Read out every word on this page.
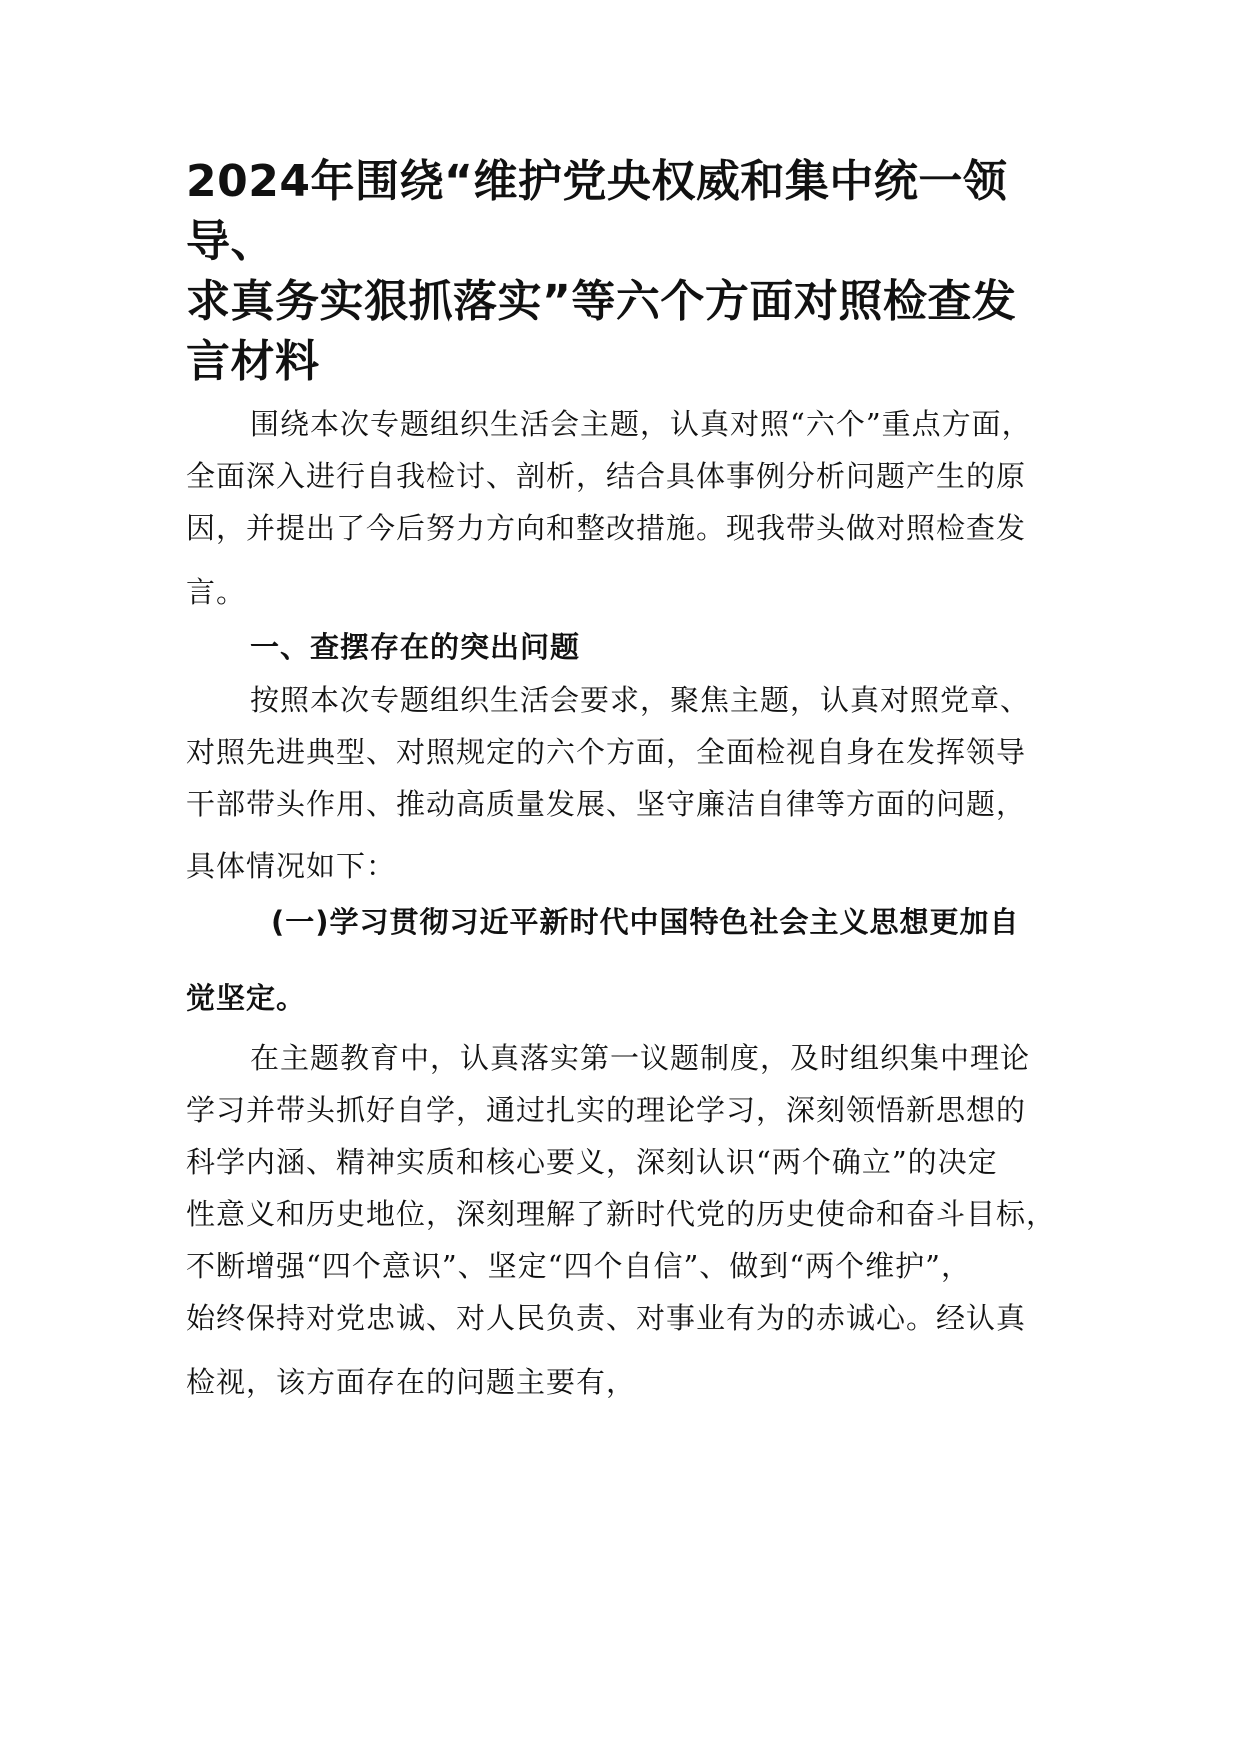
2024年围绕“维护党央权威和集中统一领导、
求真务实狠抓落实”等六个方面对照检查发
言材料
围绕本次专题组织生活会主题，认真对照“六个”重点方面，
全面深入进行自我检讨、剖析，结合具体事例分析问题产生的原
因，并提出了今后努力方向和整改措施。现我带头做对照检查发
言。
一、查摆存在的突出问题
按照本次专题组织生活会要求，聚焦主题，认真对照党章、
对照先进典型、对照规定的六个方面，全面检视自身在发挥领导
干部带头作用、推动高质量发展、坚守廉洁自律等方面的问题，
具体情况如下：
(一)学习贯彻习近平新时代中国特色社会主义思想更加自
觉坚定。
在主题教育中，认真落实第一议题制度，及时组织集中理论
学习并带头抓好自学，通过扎实的理论学习，深刻领悟新思想的
科学内涵、精神实质和核心要义，深刻认识“两个确立”的决定
性意义和历史地位，深刻理解了新时代党的历史使命和奋斗目标，
不断增强“四个意识”、坚定“四个自信”、做到“两个维护”，
始终保持对党忠诚、对人民负责、对事业有为的赤诚心。经认真
检视，该方面存在的问题主要有，
